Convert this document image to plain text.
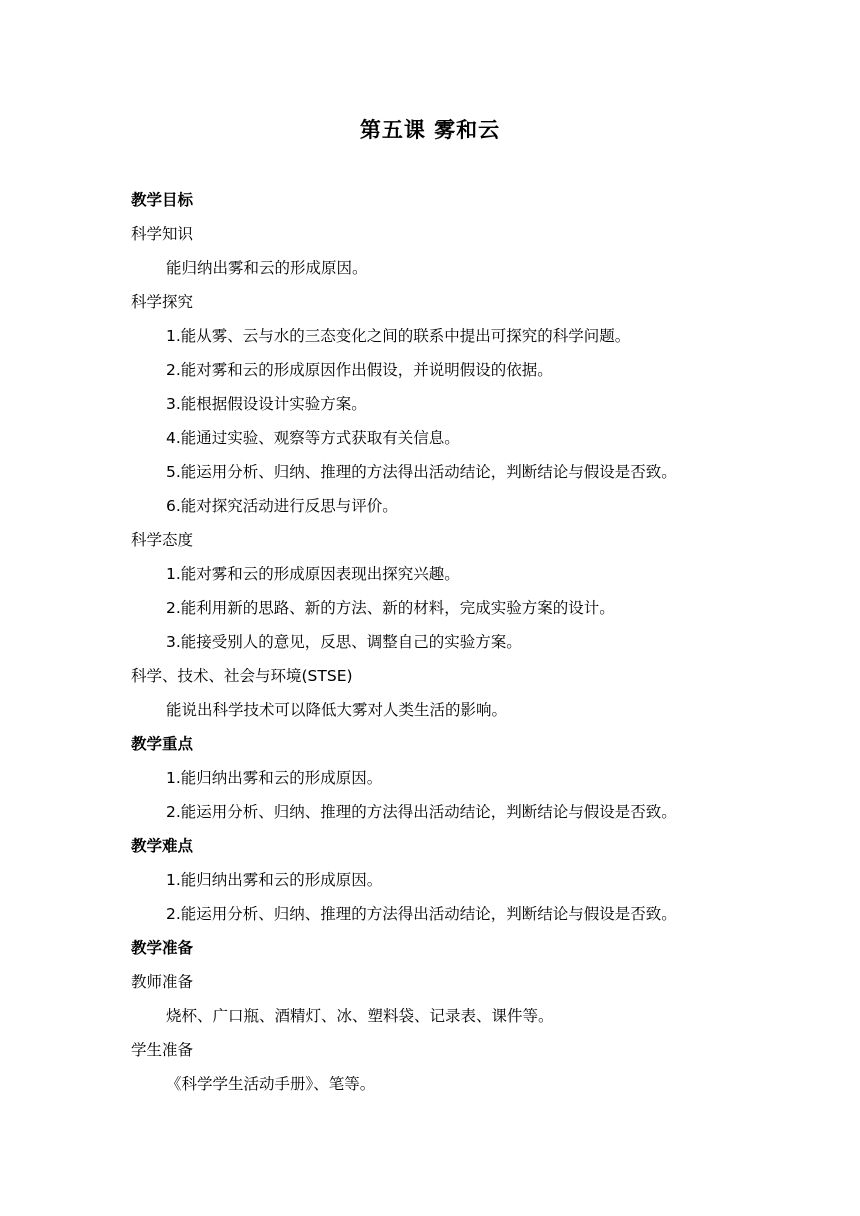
第五课 雾和云
教学目标
科学知识
能归纳出雾和云的形成原因。
科学探究
1.能从雾、云与水的三态变化之间的联系中提出可探究的科学问题。
2.能对雾和云的形成原因作出假设，并说明假设的依据。
3.能根据假设设计实验方案。
4.能通过实验、观察等方式获取有关信息。
5.能运用分析、归纳、推理的方法得出活动结论，判断结论与假设是否致。
6.能对探究活动进行反思与评价。
科学态度
1.能对雾和云的形成原因表现出探究兴趣。
2.能利用新的思路、新的方法、新的材料，完成实验方案的设计。
3.能接受别人的意见，反思、调整自己的实验方案。
科学、技术、社会与环境(STSE)
能说出科学技术可以降低大雾对人类生活的影响。
教学重点
1.能归纳出雾和云的形成原因。
2.能运用分析、归纳、推理的方法得出活动结论，判断结论与假设是否致。
教学难点
1.能归纳出雾和云的形成原因。
2.能运用分析、归纳、推理的方法得出活动结论，判断结论与假设是否致。
教学准备
教师准备
烧杯、广口瓶、酒精灯、冰、塑料袋、记录表、课件等。
学生准备
《科学学生活动手册》、笔等。
